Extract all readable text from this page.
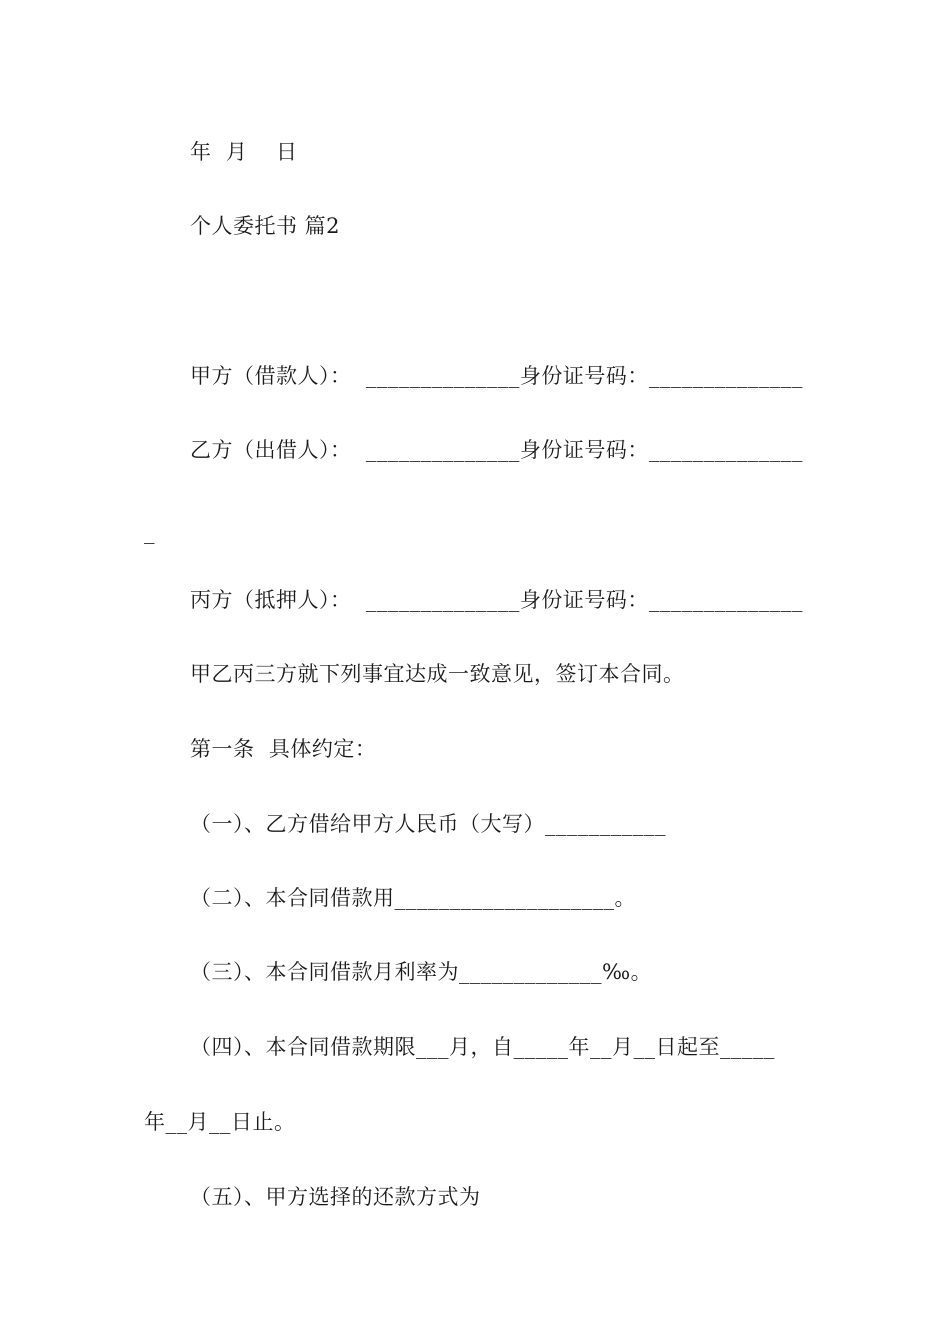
年  月    日
个人委托书 篇2
甲方（借款人）：  ______________身份证号码：______________
乙方（出借人）：  ______________身份证号码：______________
_
丙方（抵押人）：  ______________身份证号码：______________
甲乙丙三方就下列事宜达成一致意见，签订本合同。
第一条  具体约定：
（一）、乙方借给甲方人民币（大写）___________
（二）、本合同借款用____________________。
（三）、本合同借款月利率为_____________‰。
（四）、本合同借款期限___月，自_____年__月__日起至_____
年__月__日止。
（五）、甲方选择的还款方式为
